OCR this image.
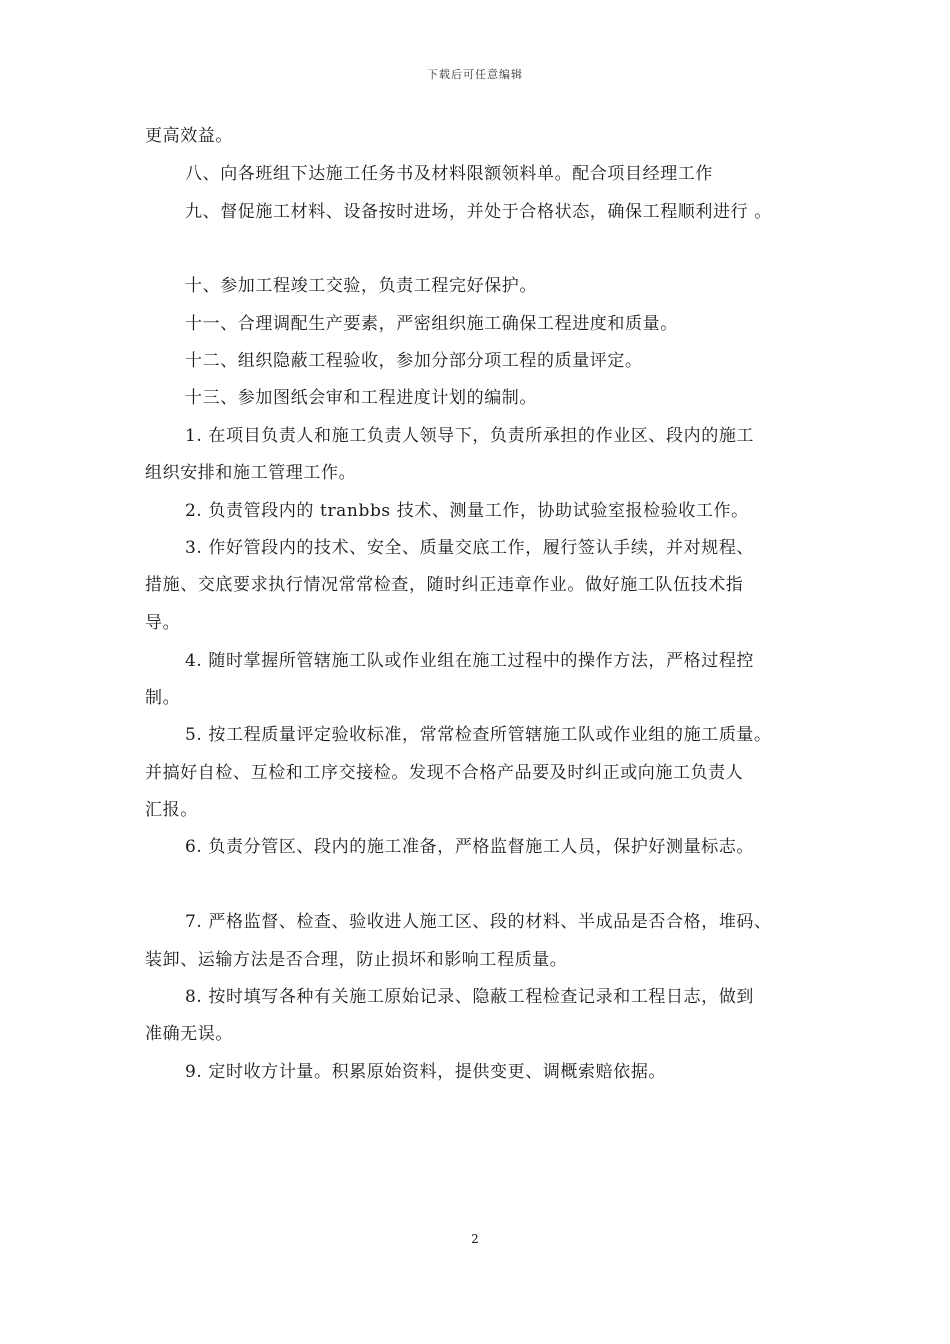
下载后可任意编辑
更高效益。
八、向各班组下达施工任务书及材料限额领料单。配合项目经理工作
九、督促施工材料、设备按时进场，并处于合格状态，确保工程顺利进行 。
十、参加工程竣工交验，负责工程完好保护。
十一、合理调配生产要素，严密组织施工确保工程进度和质量。
十二、组织隐蔽工程验收，参加分部分项工程的质量评定。
十三、参加图纸会审和工程进度计划的编制。
1. 在项目负责人和施工负责人领导下，负责所承担的作业区、段内的施工
组织安排和施工管理工作。
2. 负责管段内的 tranbbs 技术、测量工作，协助试验室报检验收工作。
3. 作好管段内的技术、安全、质量交底工作，履行签认手续，并对规程、
措施、交底要求执行情况常常检查，随时纠正违章作业。做好施工队伍技术指
导。
4. 随时掌握所管辖施工队或作业组在施工过程中的操作方法，严格过程控
制。
5. 按工程质量评定验收标准，常常检查所管辖施工队或作业组的施工质量。
并搞好自检、互检和工序交接检。发现不合格产品要及时纠正或向施工负责人
汇报。
6. 负责分管区、段内的施工准备，严格监督施工人员，保护好测量标志。
7. 严格监督、检查、验收进人施工区、段的材料、半成品是否合格，堆码、
装卸、运输方法是否合理，防止损坏和影响工程质量。
8. 按时填写各种有关施工原始记录、隐蔽工程检查记录和工程日志，做到
准确无误。
9. 定时收方计量。积累原始资料，提供变更、调概索赔依据。
2
